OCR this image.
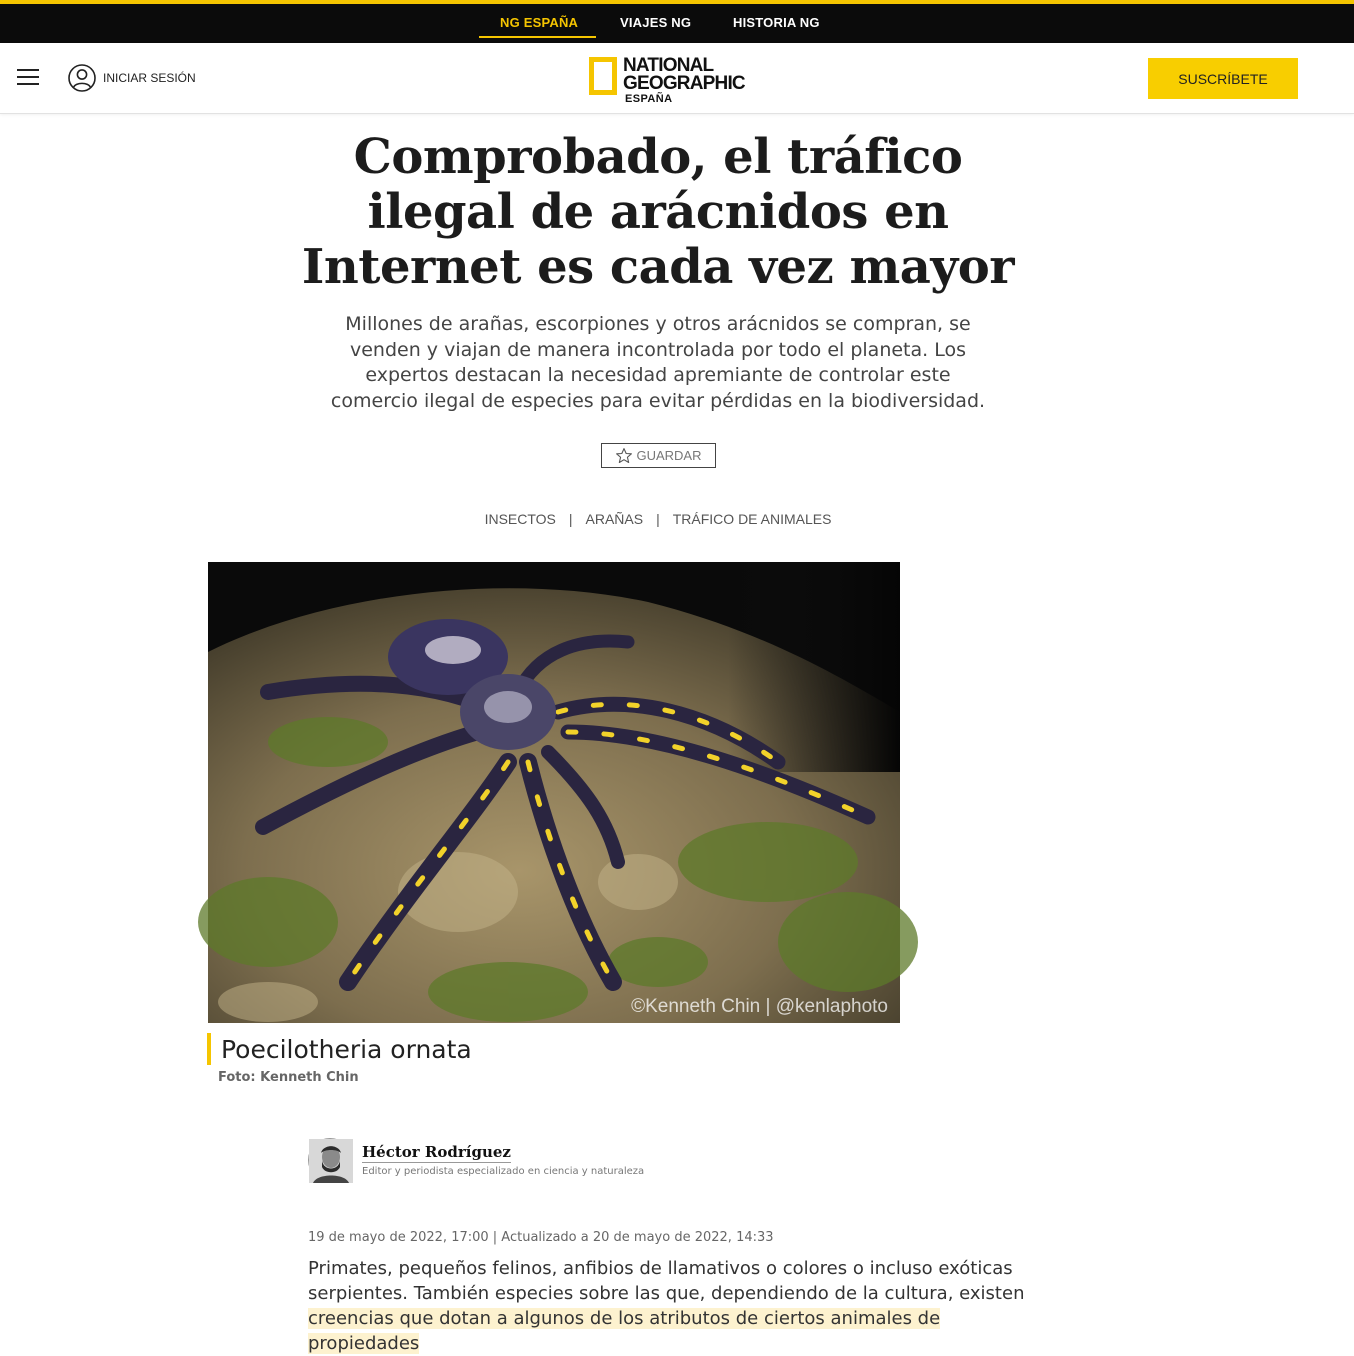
NG ESPAÑA	VIAJES NG	HISTORIA NG
INICIAR SESIÓN
NATIONAL
GEOGRAPHIC
ESPAÑA
SUSCRÍBETE
Comprobado, el tráfico ilegal de arácnidos en Internet es cada vez mayor

Millones de arañas, escorpiones y otros arácnidos se compran, se venden y viajan de manera incontrolada por todo el planeta. Los expertos destacan la necesidad apremiante de controlar este comercio ilegal de especies para evitar pérdidas en la biodiversidad.

GUARDAR
INSECTOS | ARAÑAS | TRÁFICO DE ANIMALES
©Kenneth Chin | @kenlaphoto
Poecilotheria ornata
Foto: Kenneth Chin
Héctor Rodríguez
Editor y periodista especializado en ciencia y naturaleza
19 de mayo de 2022, 17:00 | Actualizado a 20 de mayo de 2022, 14:33
Primates, pequeños felinos, anfibios de llamativos o colores o incluso exóticas
serpientes. También especies sobre las que, dependiendo de la cultura, existen
creencias que dotan a algunos de los atributos de ciertos animales de propiedades
